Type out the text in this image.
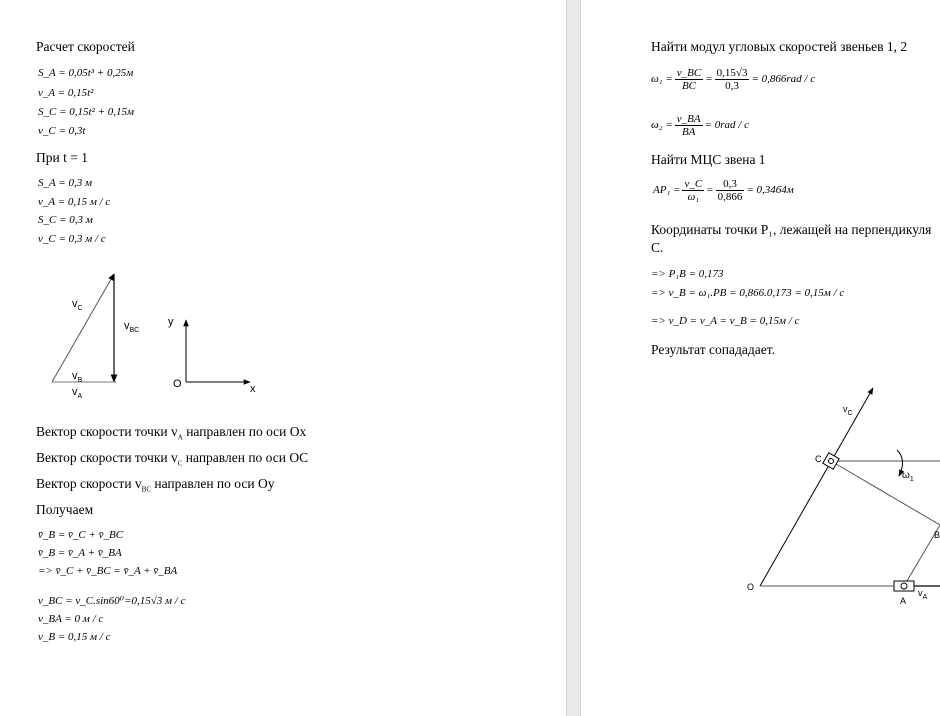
Расчет скоростей
S_A = 0,05t³ + 0,25м
v_A = 0,15t²
S_C = 0,15t² + 0,15м
v_C = 0,3t
При t = 1
S_A = 0,3 м
v_A = 0,15 м / c
S_C = 0,3 м
v_C = 0,3 м / c
$v_C$
$v_{BC}$
$v_B$
$v_A$
y
x
O
Вектор скорости точки $v_A$ направлен по оси Ox
Вектор скорости точки $v_C$ направлен по оси OC
Вектор скорости $v_{BC}$ направлен по оси Oy
Получаем
v̄_B = v̄_C + v̄_BC
v̄_B = v̄_A + v̄_BA
=> v̄_C + v̄_BC = v̄_A + v̄_BA
v_BC = v_C.sin60⁰=0,15√3 м / c
v_BA = 0 м / c
v_B = 0,15 м / c
Найти модул угловых скоростей звеньев 1, 2
$\omega_1 = \frac{v\_BC}{BC} = \frac{0,15√3}{0,3} = 0,866rad / c$
$\omega_2 = \frac{v\_BA}{BA} = 0rad / c$
Найти МЦС звена 1
$AP_1 = \frac{v\_C}{\text{ω₁}} = \frac{0,3}{0,866} = 0,3464м$
Координаты точки P₁, лежащей на перпендикуля
C.
=> P₁B = 0,173
=> v_B = ω₁.PB = 0,866.0,173 = 0,15м / c
=> v_D = v_A = v_B = 0,15м / c
Результат сопададает.
$v_C$
C
$\omega_1$
O
A
$v_A$
B
